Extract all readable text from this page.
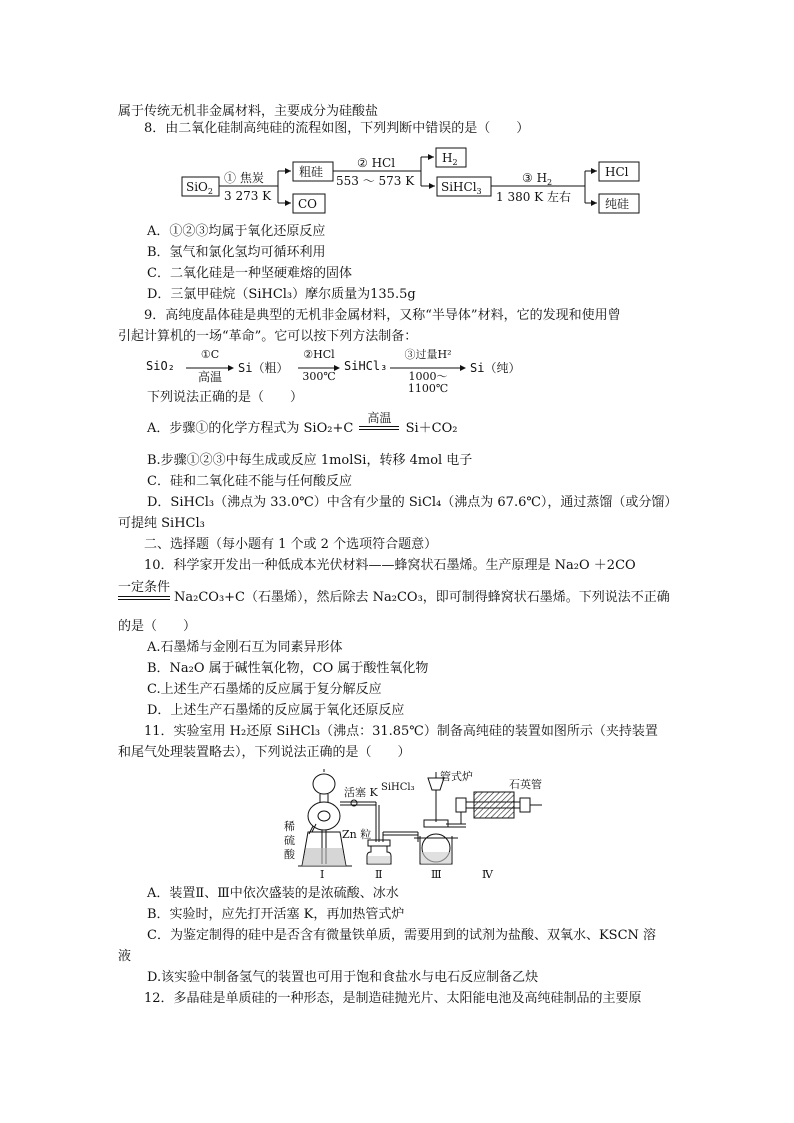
属于传统无机非金属材料，主要成分为硅酸盐
8．由二氧化硅制高纯硅的流程如图，下列判断中错误的是（　　）
SiO$_2$
① 焦炭
3 273 K
粗硅
CO
② HCl
553 ～ 573 K
$H_2$
SiHCl$_3$
③ $H_2$
1 380 K 左右
HCl
纯硅
A．①②③均属于氧化还原反应
B．氢气和氯化氢均可循环利用
C．二氧化硅是一种坚硬难熔的固体
D．三氯甲硅烷（SiHCl₃）摩尔质量为135.5g
9．高纯度晶体硅是典型的无机非金属材料，又称“半导体”材料，它的发现和使用曾
引起计算机的一场“革命”。它可以按下列方法制备：
SiO₂
①C
高温
Si（粗）
②HCl
300℃
SiHCl₃
③过量H²
1000～1100℃
Si（纯）
下列说法正确的是（　　）
A．步骤①的化学方程式为 SiO₂+C
高温
Si＋CO₂
B.步骤①②③中每生成或反应 1molSi，转移 4mol 电子
C．硅和二氧化硅不能与任何酸反应
D．SiHCl₃（沸点为 33.0℃）中含有少量的 SiCl₄（沸点为 67.6℃），通过蒸馏（或分馏）
可提纯 SiHCl₃
二、选择题（每小题有 1 个或 2 个选项符合题意）
10．科学家开发出一种低成本光伏材料——蜂窝状石墨烯。生产原理是 Na₂O ＋2CO
一定条件
Na₂CO₃+C（石墨烯），然后除去 Na₂CO₃，即可制得蜂窝状石墨烯。下列说法不正确
的是（　　）
A.石墨烯与金刚石互为同素异形体
B．Na₂O 属于碱性氧化物，CO 属于酸性氧化物
C.上述生产石墨烯的反应属于复分解反应
D．上述生产石墨烯的反应属于氧化还原反应
11．实验室用 H₂还原 SiHCl₃（沸点：31.85℃）制备高纯硅的装置如图所示（夹持装置
和尾气处理装置略去），下列说法正确的是（　　）
活塞 K SiHCl₃
管式炉
石英管
稀
硫
酸
Zn 粒
Ⅰ	Ⅱ	Ⅲ	Ⅳ
A．装置Ⅱ、Ⅲ中依次盛装的是浓硫酸、冰水
B．实验时，应先打开活塞 K，再加热管式炉
C．为鉴定制得的硅中是否含有微量铁单质，需要用到的试剂为盐酸、双氧水、KSCN 溶
液
D.该实验中制备氢气的装置也可用于饱和食盐水与电石反应制备乙炔
12．多晶硅是单质硅的一种形态，是制造硅抛光片、太阳能电池及高纯硅制品的主要原
